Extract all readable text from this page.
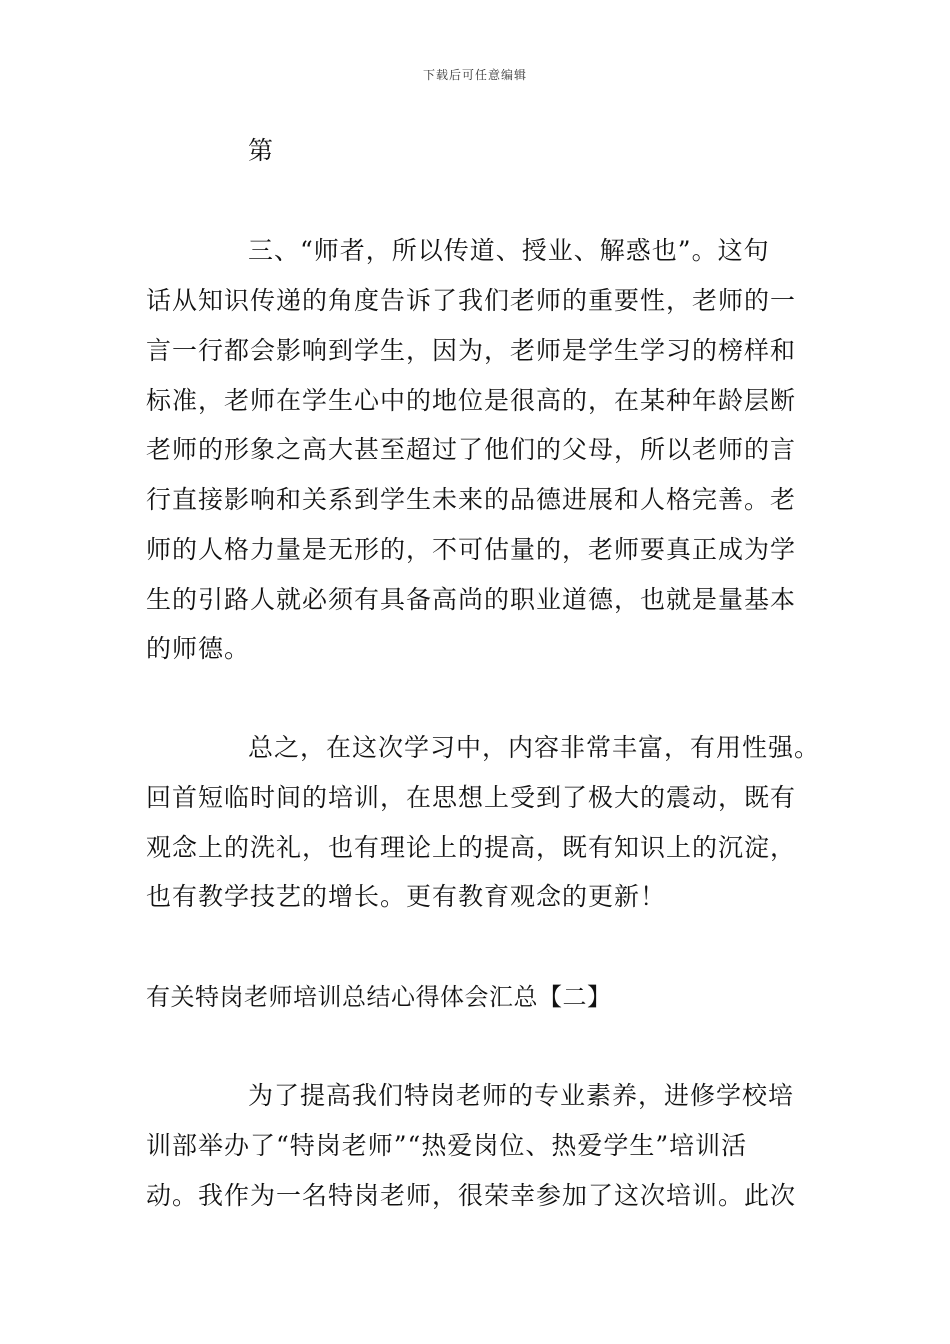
下载后可任意编辑
第
三、“师者，所以传道、授业、解惑也”。这句
话从知识传递的角度告诉了我们老师的重要性，老师的一
言一行都会影响到学生，因为，老师是学生学习的榜样和
标准，老师在学生心中的地位是很高的，在某种年龄层断
老师的形象之高大甚至超过了他们的父母，所以老师的言
行直接影响和关系到学生未来的品德进展和人格完善。老
师的人格力量是无形的，不可估量的，老师要真正成为学
生的引路人就必须有具备高尚的职业道德，也就是量基本
的师德。
总之，在这次学习中，内容非常丰富，有用性强。
回首短临时间的培训，在思想上受到了极大的震动，既有
观念上的洗礼，也有理论上的提高，既有知识上的沉淀，
也有教学技艺的增长。更有教育观念的更新！
有关特岗老师培训总结心得体会汇总【二】
为了提高我们特岗老师的专业素养，进修学校培
训部举办了“特岗老师”“热爱岗位、热爱学生”培训活
动。我作为一名特岗老师，很荣幸参加了这次培训。此次
